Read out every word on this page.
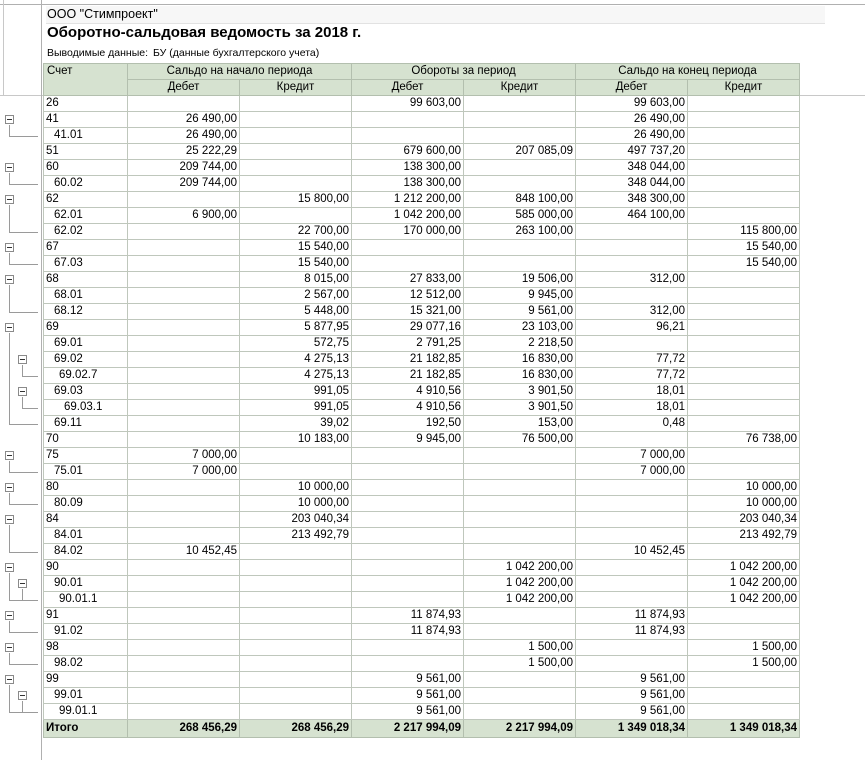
ООО "Стимпроект"
Оборотно-сальдовая ведомость за 2018 г.
Выводимые данные: БУ (данные бухгалтерского учета)
Счет	Сальдо на начало периода		Обороты за период		Сальдо на конец периода	
	Дебет	Кредит	Дебет	Кредит	Дебет	Кредит
26			99 603,00		99 603,00	
41	26 490,00				26 490,00	
41.01	26 490,00				26 490,00	
51	25 222,29		679 600,00	207 085,09	497 737,20	
60	209 744,00		138 300,00		348 044,00	
60.02	209 744,00		138 300,00		348 044,00	
62		15 800,00	1 212 200,00	848 100,00	348 300,00	
62.01	6 900,00		1 042 200,00	585 000,00	464 100,00	
62.02		22 700,00	170 000,00	263 100,00		115 800,00
67		15 540,00				15 540,00
67.03		15 540,00				15 540,00
68		8 015,00	27 833,00	19 506,00	312,00	
68.01		2 567,00	12 512,00	9 945,00		
68.12		5 448,00	15 321,00	9 561,00	312,00	
69		5 877,95	29 077,16	23 103,00	96,21	
69.01		572,75	2 791,25	2 218,50		
69.02		4 275,13	21 182,85	16 830,00	77,72	
69.02.7		4 275,13	21 182,85	16 830,00	77,72	
69.03		991,05	4 910,56	3 901,50	18,01	
69.03.1		991,05	4 910,56	3 901,50	18,01	
69.11		39,02	192,50	153,00	0,48	
70		10 183,00	9 945,00	76 500,00		76 738,00
75	7 000,00				7 000,00	
75.01	7 000,00				7 000,00	
80		10 000,00				10 000,00
80.09		10 000,00				10 000,00
84		203 040,34				203 040,34
84.01		213 492,79				213 492,79
84.02	10 452,45				10 452,45	
90				1 042 200,00		1 042 200,00
90.01				1 042 200,00		1 042 200,00
90.01.1				1 042 200,00		1 042 200,00
91			11 874,93		11 874,93	
91.02			11 874,93		11 874,93	
98				1 500,00		1 500,00
98.02				1 500,00		1 500,00
99			9 561,00		9 561,00	
99.01			9 561,00		9 561,00	
99.01.1			9 561,00		9 561,00	
Итого	268 456,29	268 456,29	2 217 994,09	2 217 994,09	1 349 018,34	1 349 018,34
